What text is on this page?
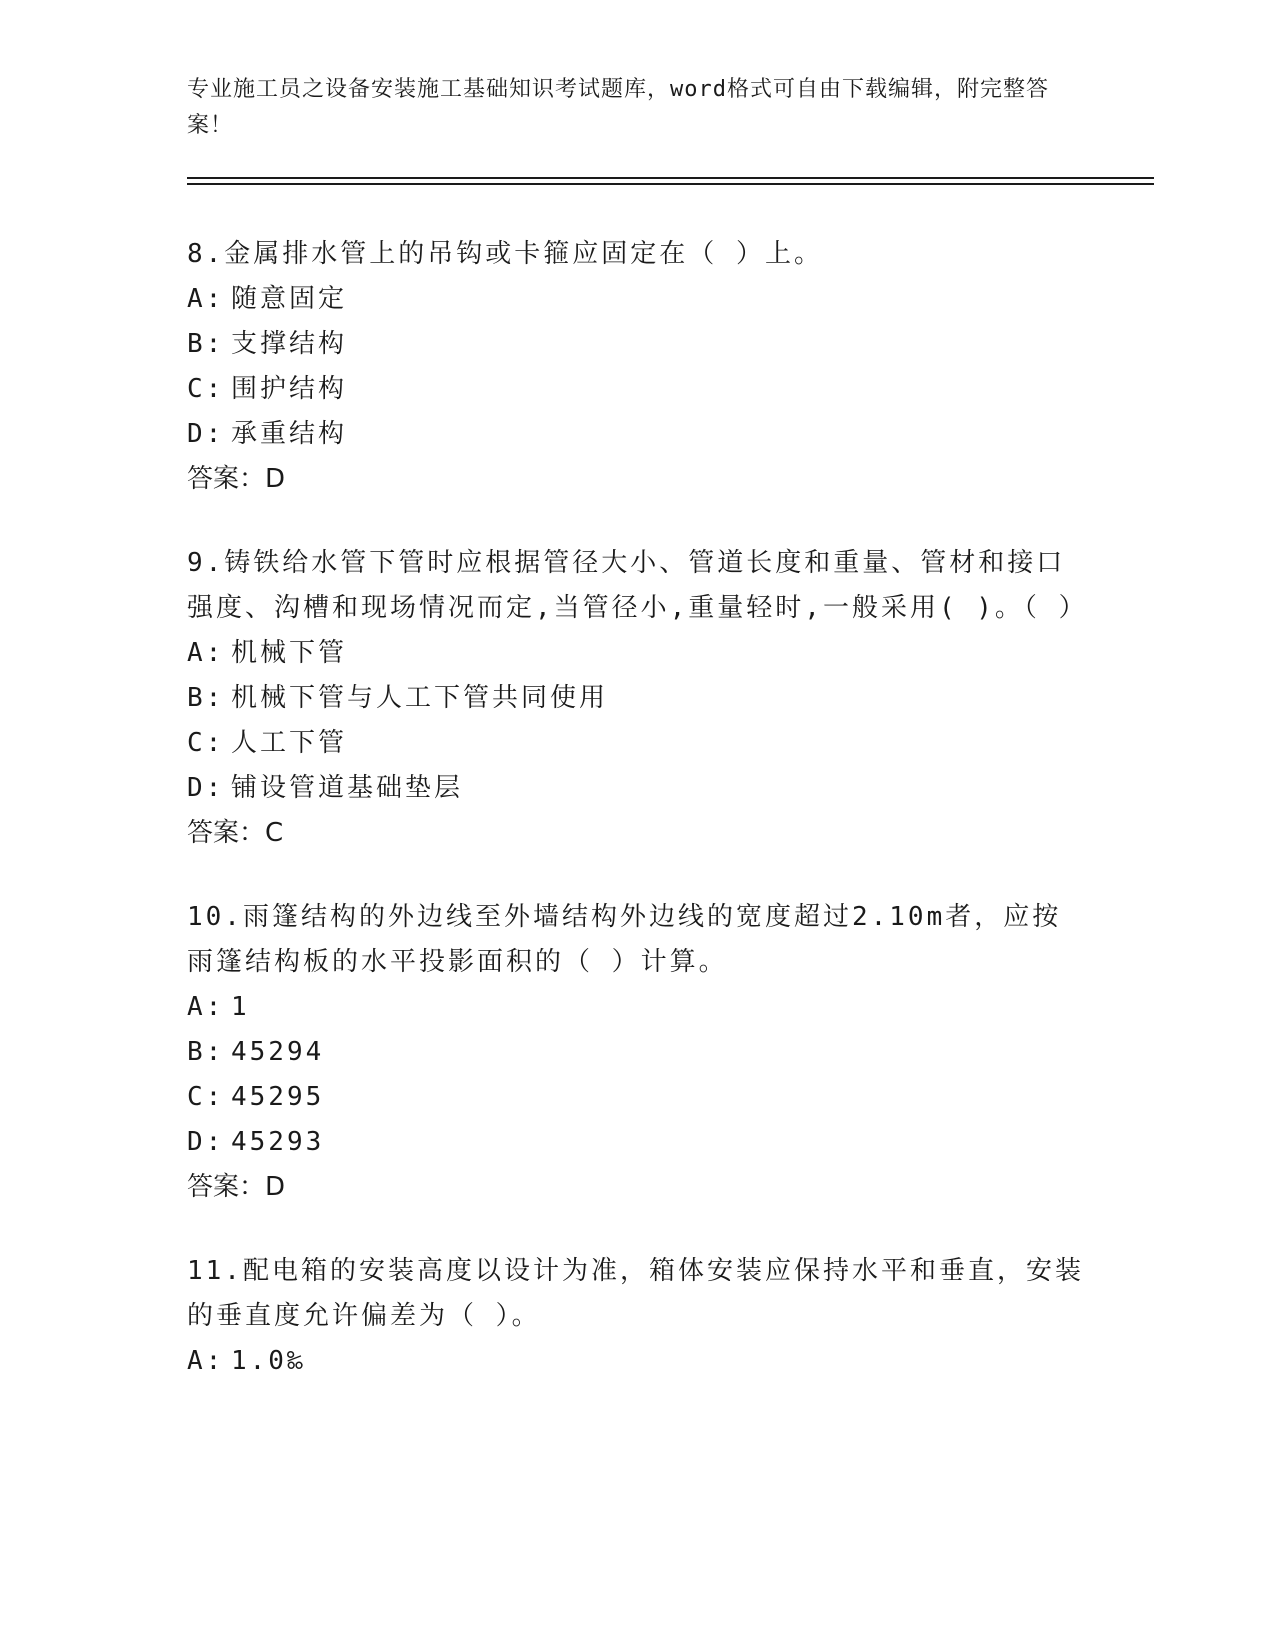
专业施工员之设备安装施工基础知识考试题库，word格式可自由下载编辑，附完整答案！
8.金属排水管上的吊钩或卡箍应固定在（ ）上。
A: 随意固定
B: 支撑结构
C: 围护结构
D: 承重结构
答案：D
9.铸铁给水管下管时应根据管径大小、管道长度和重量、管材和接口强度、沟槽和现场情况而定,当管径小,重量轻时,一般采用( )。（ ）
A: 机械下管
B: 机械下管与人工下管共同使用
C: 人工下管
D: 铺设管道基础垫层
答案：C
10.雨篷结构的外边线至外墙结构外边线的宽度超过2.10m者，应按雨篷结构板的水平投影面积的（ ）计算。
A: 1
B: 45294
C: 45295
D: 45293
答案：D
11.配电箱的安装高度以设计为准，箱体安装应保持水平和垂直，安装的垂直度允许偏差为（ ）。
A: 1.0‰
